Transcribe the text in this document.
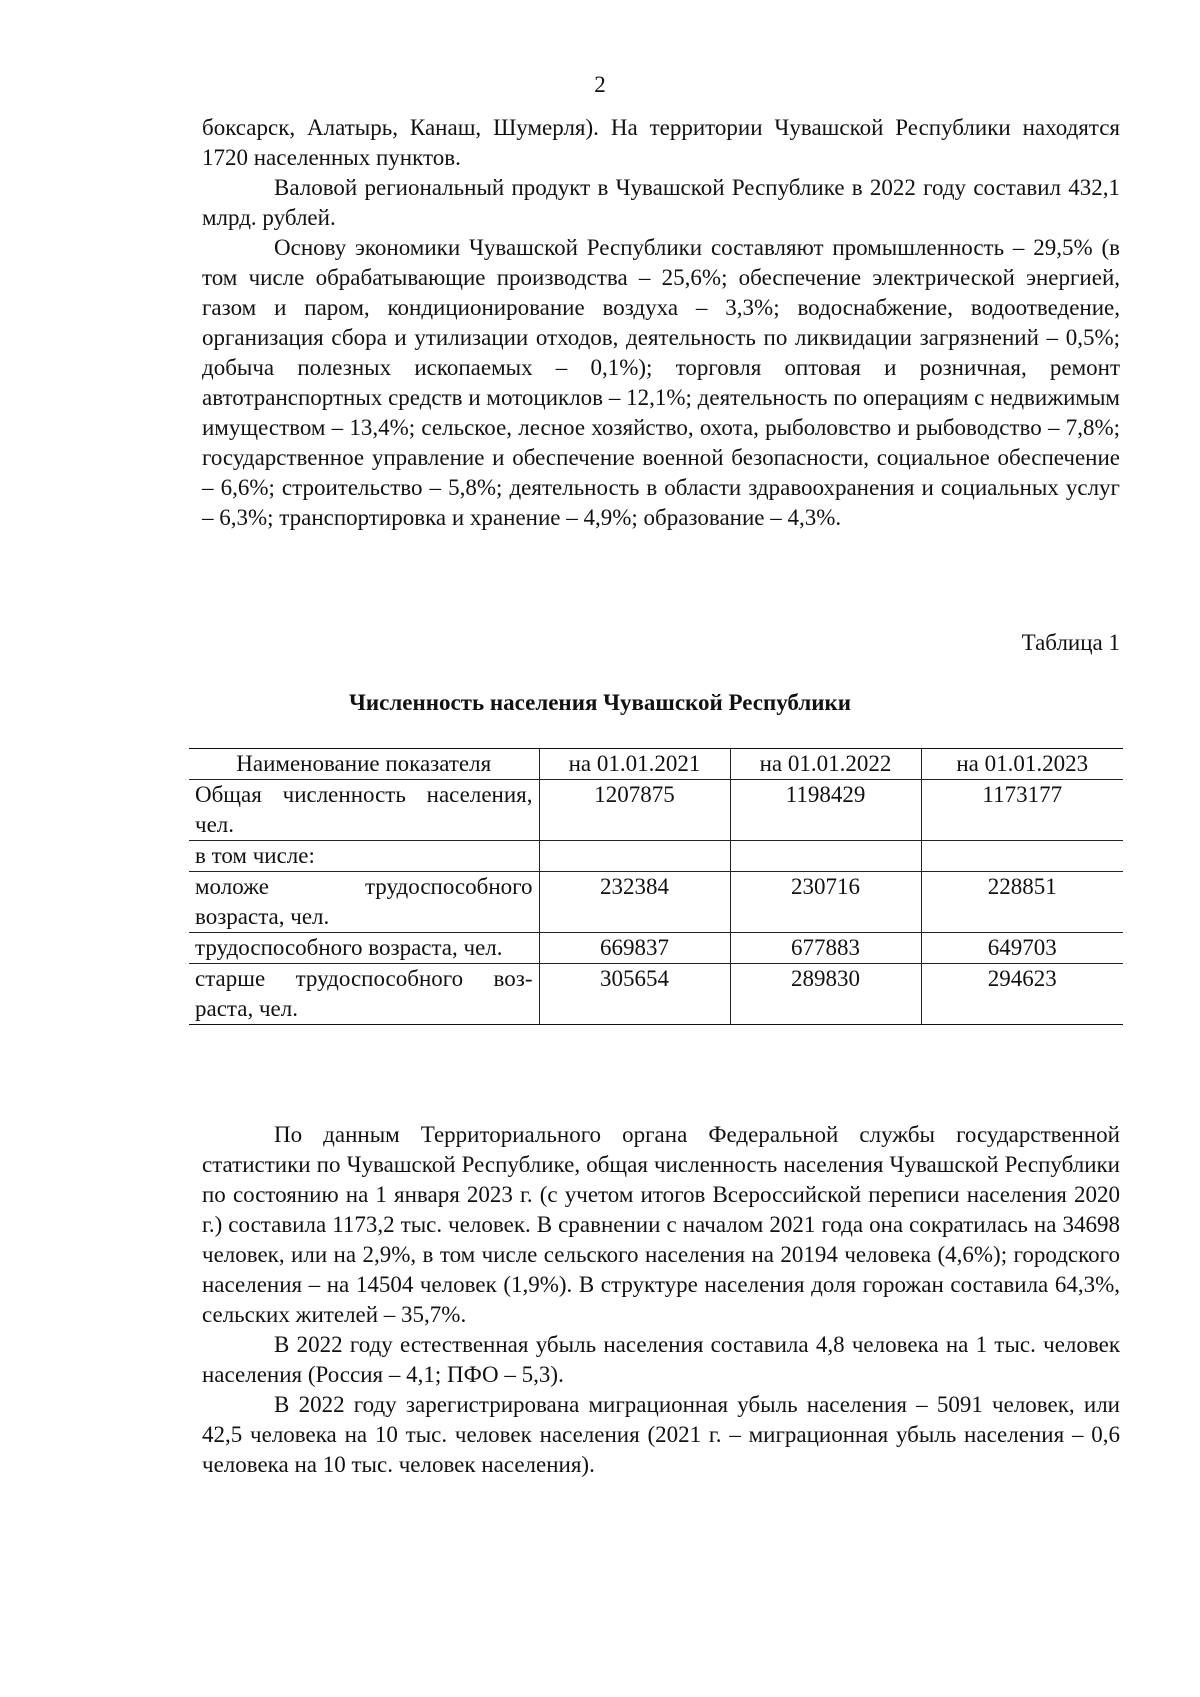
2

боксарск, Алатырь, Канаш, Шумерля). На территории Чувашской Республики находятся 1720 населенных пунктов.

Валовой региональный продукт в Чувашской Республике в 2022 году составил 432,1 млрд. рублей.

Основу экономики Чувашской Республики составляют промышленность – 29,5% (в том числе обрабатывающие производства – 25,6%; обеспечение электрической энергией, газом и паром, кондиционирование воздуха – 3,3%; водоснабжение, водоотведение, организация сбора и утилизации отходов, деятельность по ликвидации загрязнений – 0,5%; добыча полезных ископаемых – 0,1%); торговля оптовая и розничная, ремонт автотранспортных средств и мотоциклов – 12,1%; деятельность по операциям с недвижимым имуществом – 13,4%; сельское, лесное хозяйство, охота, рыболовство и рыбоводство – 7,8%; государственное управление и обеспечение военной безопасности, социальное обеспечение – 6,6%; строительство – 5,8%; деятельность в области здравоохранения и социальных услуг – 6,3%; транспортировка и хранение – 4,9%; образование – 4,3%.

Таблица 1
Численность населения Чувашской Республики
Наименование показателя	на 01.01.2021	на 01.01.2022	на 01.01.2023
Общая численность населения, чел.	1207875	1198429	1173177
в том числе:			
моложе трудоспособного возраста, чел.	232384	230716	228851
трудоспособного возраста, чел.	669837	677883	649703
старше трудоспособного возраста, чел.	305654	289830	294623

По данным Территориального органа Федеральной службы государственной статистики по Чувашской Республике, общая численность населения Чувашской Республики по состоянию на 1 января 2023 г. (с учетом итогов Всероссийской переписи населения 2020 г.) составила 1173,2 тыс. человек. В сравнении с началом 2021 года она сократилась на 34698 человек, или на 2,9%, в том числе сельского населения на 20194 человека (4,6%); городского населения – на 14504 человек (1,9%). В структуре населения доля горожан составила 64,3%, сельских жителей – 35,7%.

В 2022 году естественная убыль населения составила 4,8 человека на 1 тыс. человек населения (Россия – 4,1; ПФО – 5,3).

В 2022 году зарегистрирована миграционная убыль населения – 5091 человек, или 42,5 человека на 10 тыс. человек населения (2021 г. – миграционная убыль населения – 0,6 человека на 10 тыс. человек населения).
